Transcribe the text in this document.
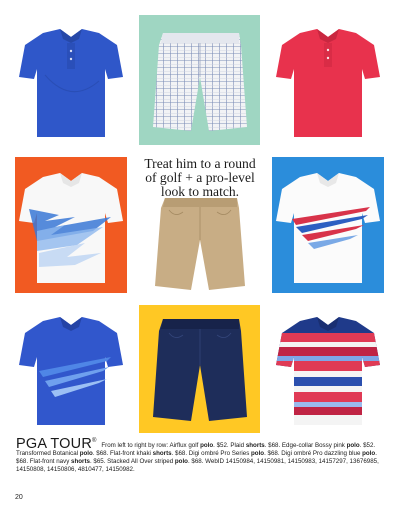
Treat him to a round
of golf + a pro-level
look to match.
PGA TOUR® From left to right by row: Airflux golf polo. $52. Plaid shorts. $68. Edge-collar Bossy pink polo. $52. Transformed Botanical polo. $68. Flat-front khaki shorts. $68. Digi ombré Pro Series polo. $68. Digi ombré Pro dazzling blue polo. $68. Flat-front navy shorts. $65. Stacked All Over striped polo. $68. WebID 14150984, 14150981, 14150983, 14157297, 13676985, 14150808, 14150806, 4810477, 14150982.
20
